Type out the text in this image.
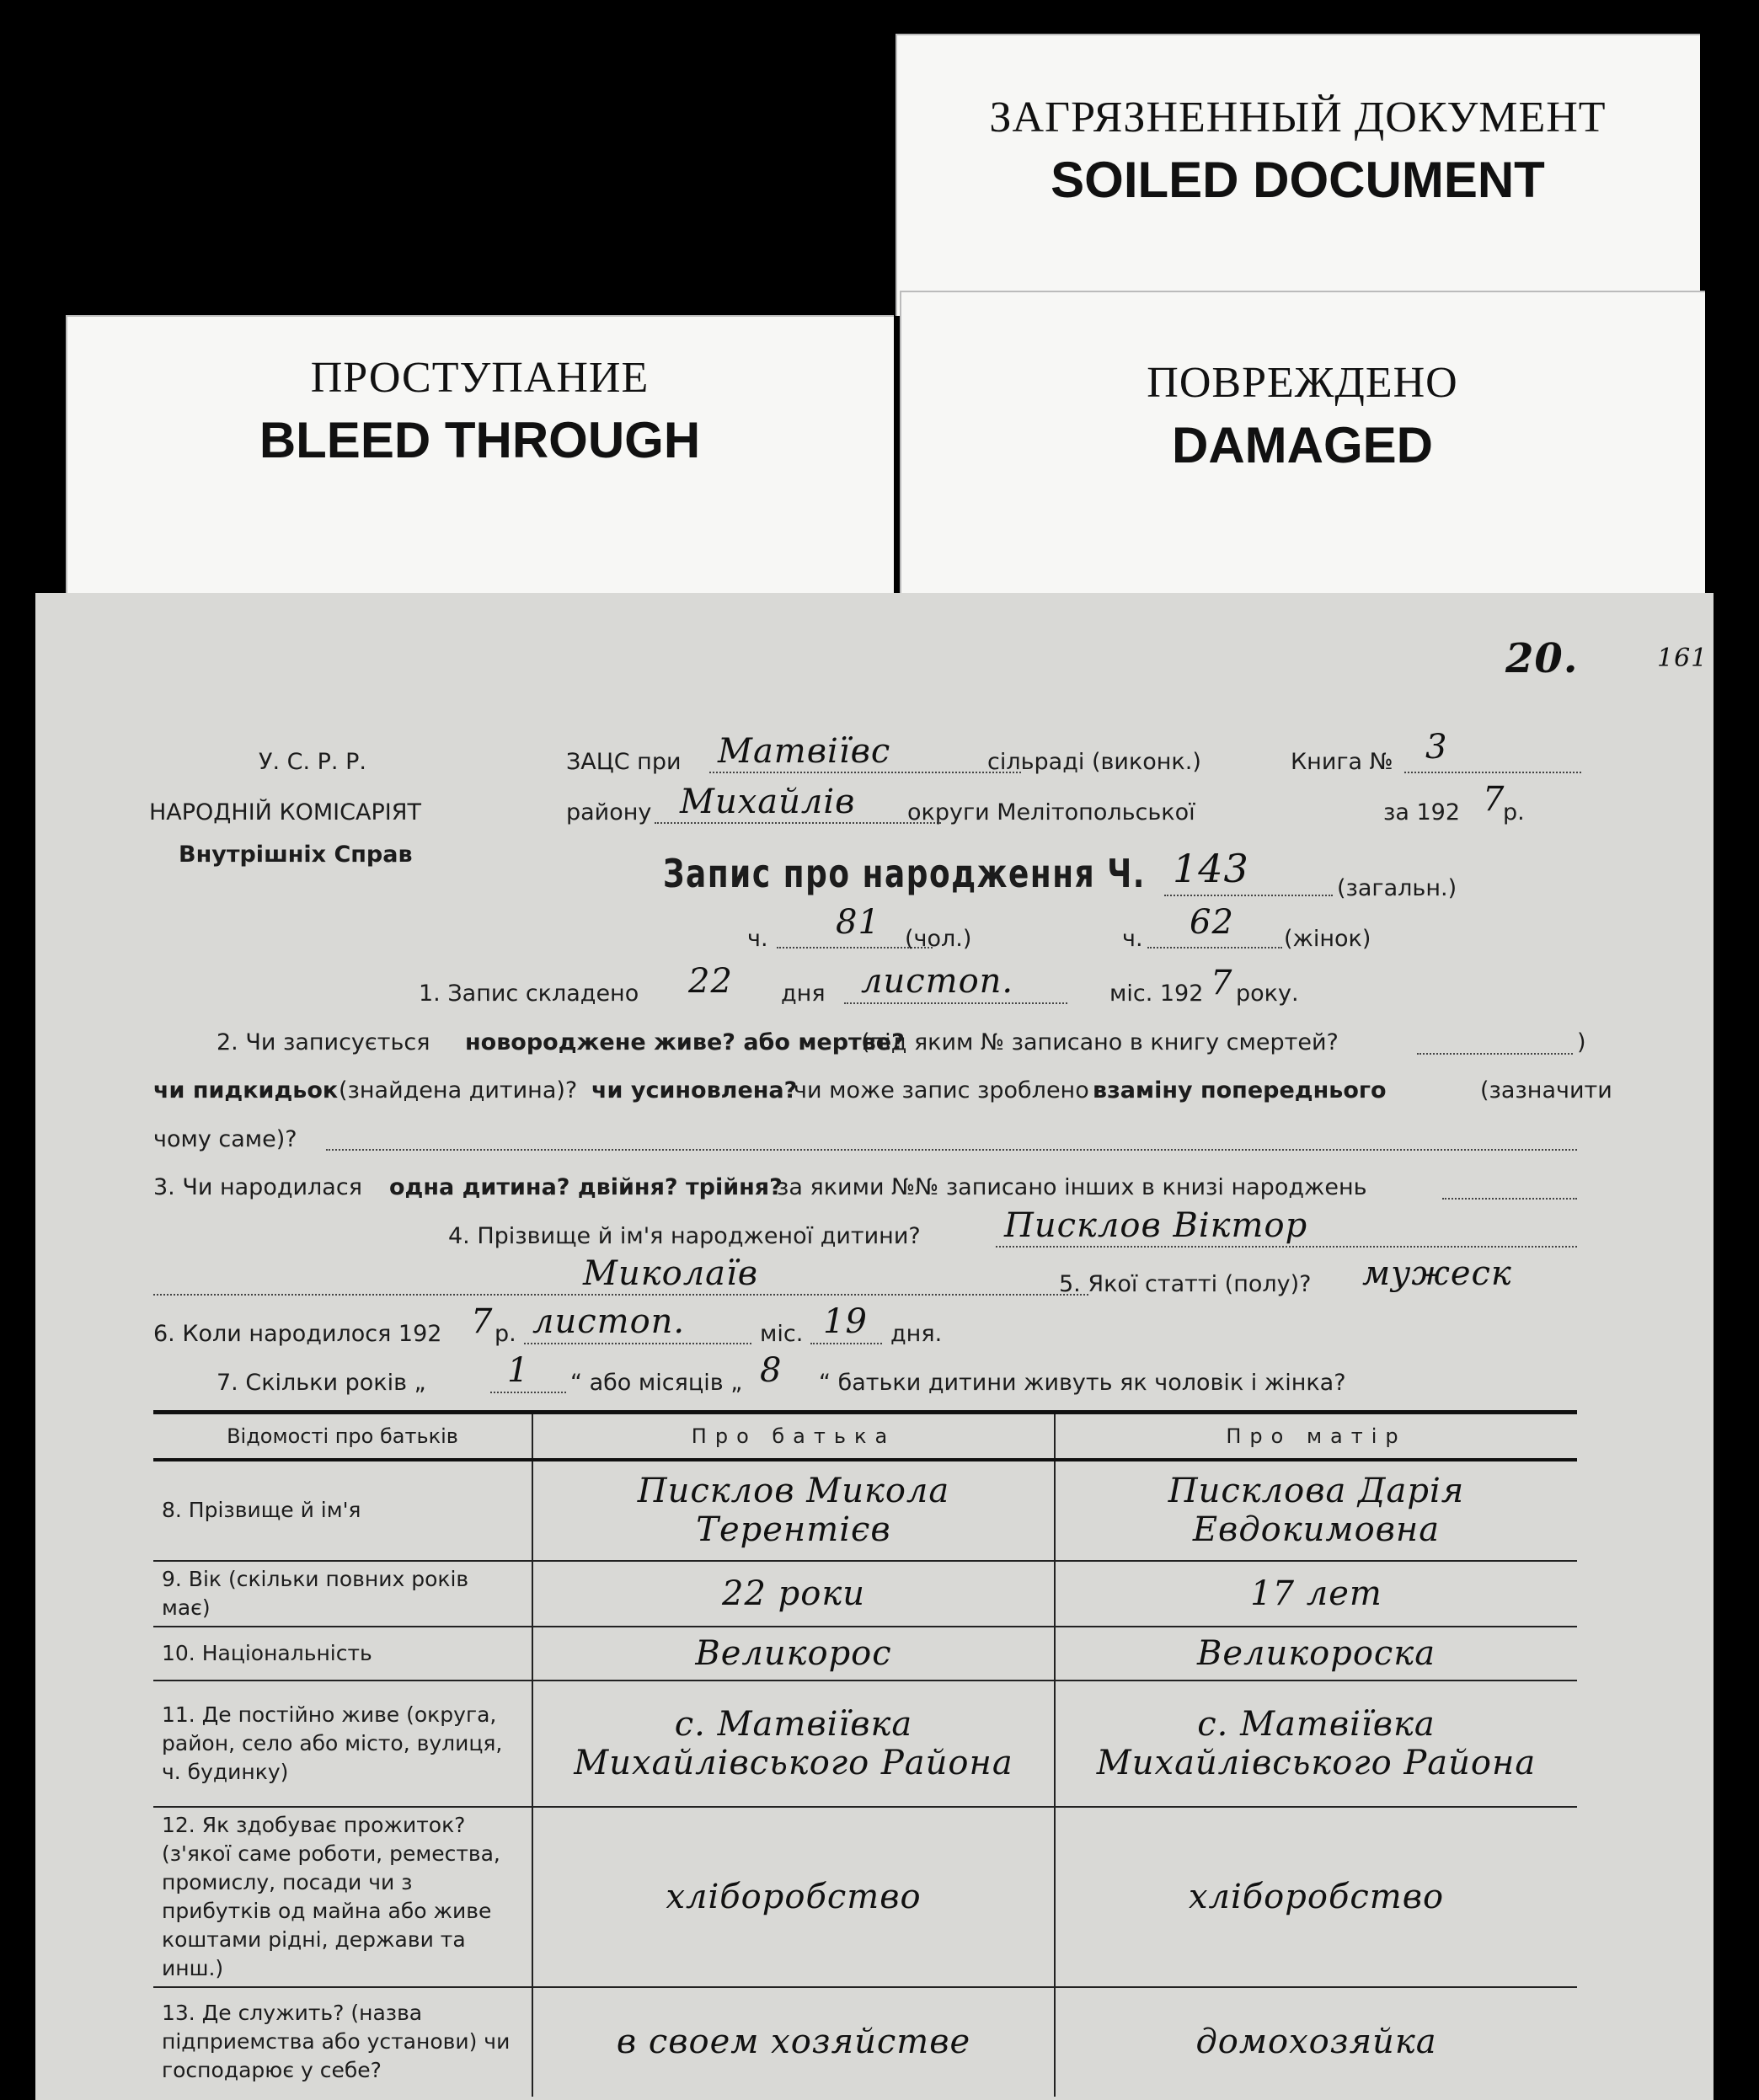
ЗАГРЯЗНЕННЫЙ ДОКУМЕНТ
SOILED DOCUMENT
ПОВРЕЖДЕНО
DAMAGED
ПРОСТУПАНИЕ
BLEED THROUGH
20.	161
У. С. Р. Р.
НАРОДНІЙ КОМІСАРІЯТ
Внутрішніх Справ
ЗАЦС при Матвіївс	сільраді (виконк.)	Книга № 3
району Михайлів округи Мелітопольської	за 192 7
р.
Запис про народження Ч. 143	(загальн.)
ч. 81 (чол.)	ч. 62 (жінок)
1. Запис складено 22 дня листоп.	міс. 192 7 року.
2. Чи записується новороджене живе? або мертве?
(під яким № записано в книгу смертей?	)
чи пидкидьок (знайдена дитина)? чи усиновлена?
чи може запис зроблено взаміну попереднього	(зазначити
чому саме)?
3. Чи народилася одна дитина? двійня? трійня?
за якими №№ записано інших в книзі народжень
4. Прізвище й ім'я народженої дитини? Писклов Віктор
Миколаїв	5. Якої статті (полу)? мужеск
6. Коли народилося 192 7 р. листоп.	міс. 19 дня.
7. Скільки років „ 1 “ або місяців „ 8 “ батьки дитини живуть як чоловік і жінка?
Відомості про батьків	Про батька	Про матір
8. Прізвище й ім'я	Писклов Микола Терентієв	Пискловa Дарiя Евдокимовна
9. Вік (скільки повних років має)	22 роки	17 лет
10. Національність	Великорос	Великороска
11. Де постійно живе (округа, район, село або місто, вулиця, ч. будинку)	с. Матвіївка Михайлівського Района	с. Матвіївка Михайлівського Района
12. Як здобуває прожиток? (з'якої саме роботи, ремества, промислу, посади чи з прибутків од майна або живе коштами рідні, держави та инш.)	хлібоpобство	хлібоpобство
13. Де служить? (назва підприемства або установи) чи господарює у себе?	в своем хозяйстве	домохозяйка
